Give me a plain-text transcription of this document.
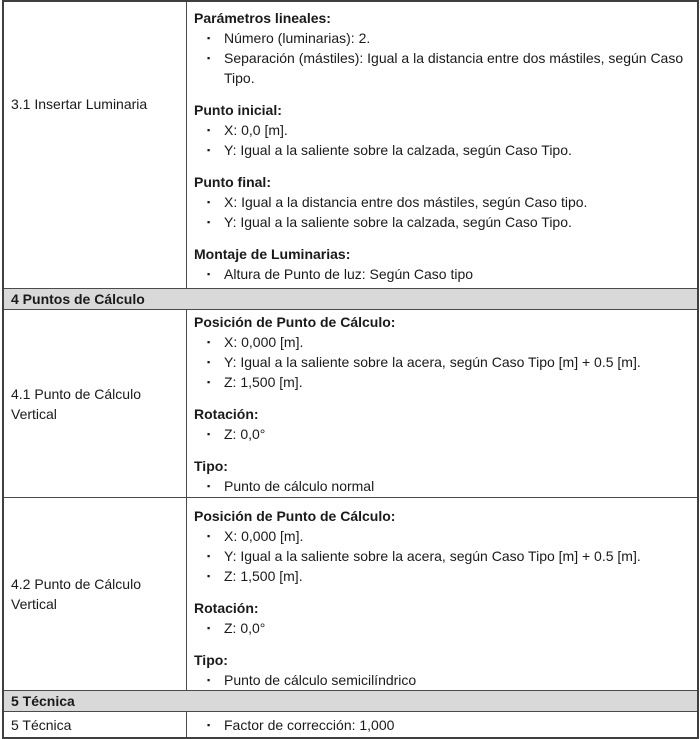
3.1 Insertar Luminaria
Parámetros lineales:
▪ Número (luminarias): 2.
▪ Separación (mástiles): Igual a la distancia entre dos mástiles, según Caso Tipo.
Punto inicial:
▪ X: 0,0 [m].
▪ Y: Igual a la saliente sobre la calzada, según Caso Tipo.
Punto final:
▪ X: Igual a la distancia entre dos mástiles, según Caso tipo.
▪ Y: Igual a la saliente sobre la calzada, según Caso Tipo.
Montaje de Luminarias:
▪ Altura de Punto de luz: Según Caso tipo
4 Puntos de Cálculo
4.1 Punto de Cálculo Vertical
Posición de Punto de Cálculo:
▪ X: 0,000 [m].
▪ Y: Igual a la saliente sobre la acera, según Caso Tipo [m] + 0.5 [m].
▪ Z: 1,500 [m].
Rotación:
▪ Z: 0,0°
Tipo:
▪ Punto de cálculo normal
4.2 Punto de Cálculo Vertical
Posición de Punto de Cálculo:
▪ X: 0,000 [m].
▪ Y: Igual a la saliente sobre la acera, según Caso Tipo [m] + 0.5 [m].
▪ Z: 1,500 [m].
Rotación:
▪ Z: 0,0°
Tipo:
▪ Punto de cálculo semicilíndrico
5 Técnica
5 Técnica	▪ Factor de corrección: 1,000
